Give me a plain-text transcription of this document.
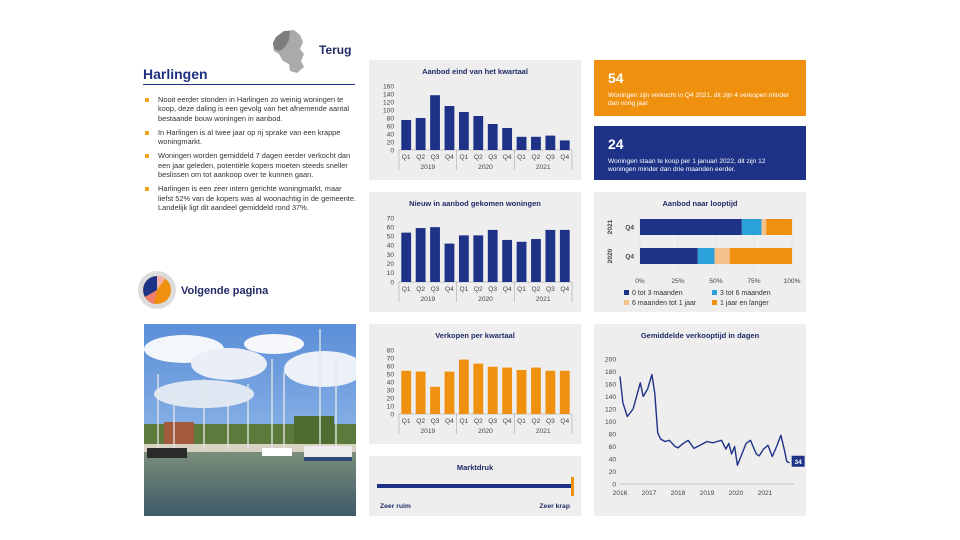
Terug
Harlingen
Nooit eerder stonden in Harlingen zo weinig woningen te koop, deze daling is een gevolg van het afnemende aantal bestaande bouw woningen in aanbod.
In Harlingen is al twee jaar op rij sprake van een krappe woningmarkt.
Woningen worden gemiddeld 7 dagen eerder verkocht dan een jaar geleden, potentiële kopers moeten steeds sneller beslissen om tot aankoop over te kunnen gaan.
Harlingen is een zeer intern gerichte woningmarkt, maar liefst 52% van de kopers was al woonachtig in de gemeente. Landelijk ligt dit aandeel gemiddeld rond 37%.
Volgende pagina
Aanbod eind van het kwartaal
0
20
40
60
80
100
120
140
160
Q1 Q2 Q3 Q4 Q1 Q2 Q3 Q4 Q1 Q2 Q3 Q4
2019	2020	2021
Nieuw in aanbod gekomen woningen
0
10
20
30
40
50
60
70
Q1 Q2 Q3 Q4 Q1 Q2 Q3 Q4 Q1 Q2 Q3 Q4
2019	2020	2021
Verkopen per kwartaal
0
10
20
30
40
50
60
70
80
Q1 Q2 Q3 Q4 Q1 Q2 Q3 Q4 Q1 Q2 Q3 Q4
2019	2020	2021
Marktdruk
Zeer ruim	Zeer krap
54
Woningen zijn verkocht in Q4 2021, dit zijn 4 verkopen minder dan vorig jaar
24
Woningen staan te koop per 1 januari 2022, dit zijn 12 woningen minder dan drie maanden eerder.
Aanbod naar looptijd
0%	25%	50%	75%	100%
Q4
2021
Q4
2020
0 tot 3 maanden	3 tot 6 maanden
6 maanden tot 1 jaar	1 jaar en langer
Gemiddelde verkooptijd in dagen
0
20
40
60
80
100
120
140
160
180
200
2016 2017 2018 2019 2020 2021
34
